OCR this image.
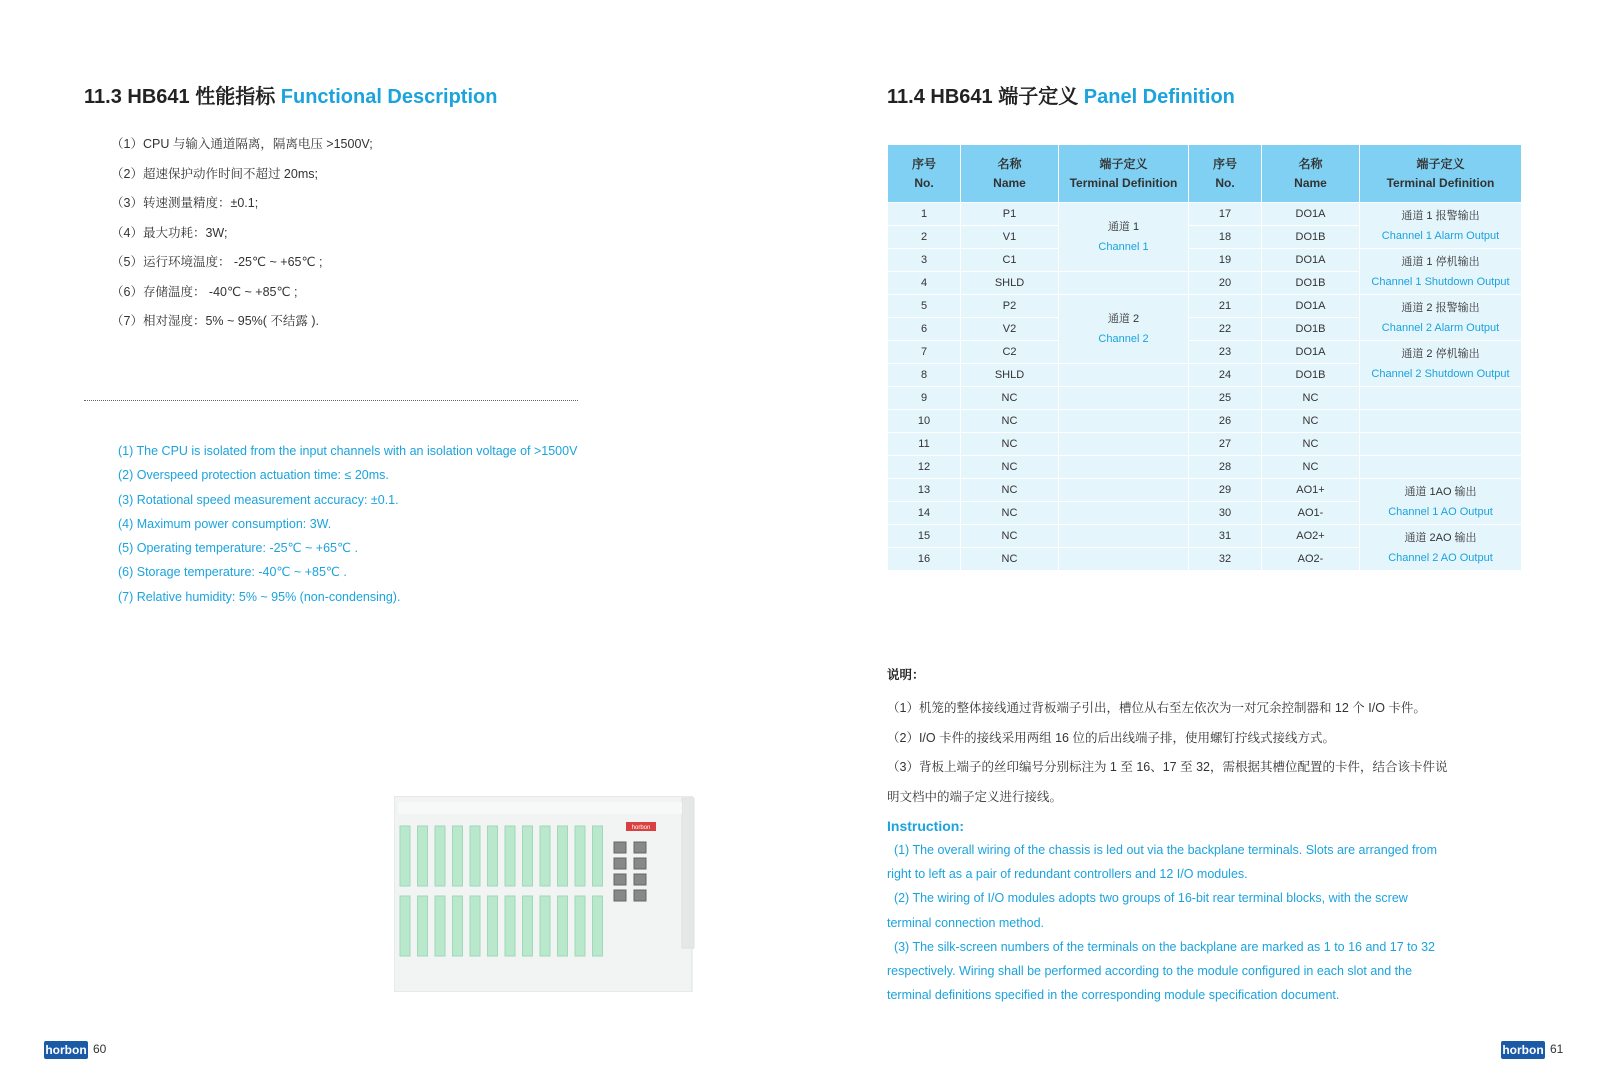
11.3 HB641 性能指标 Functional Description
（1）CPU 与输入通道隔离，隔离电压 >1500V;
（2）超速保护动作时间不超过 20ms;
（3）转速测量精度：±0.1;
（4）最大功耗：3W;
（5）运行环境温度： -25℃ ~ +65℃ ;
（6）存储温度： -40℃ ~ +85℃ ;
（7）相对湿度：5% ~ 95%( 不结露 ).
(1) The CPU is isolated from the input channels with an isolation voltage of >1500V
(2) Overspeed protection actuation time: ≤ 20ms.
(3) Rotational speed measurement accuracy: ±0.1.
(4) Maximum power consumption: 3W.
(5) Operating temperature: -25℃ ~ +65℃ .
(6) Storage temperature: -40℃ ~ +85℃ .
(7) Relative humidity: 5% ~ 95% (non-condensing).
horbon
11.4 HB641 端子定义 Panel Definition
序号
No.	名称
Name	端子定义
Terminal Definition	序号
No.	名称
Name	端子定义
Terminal Definition
1	P1	通道 1
Channel 1	17	DO1A	通道 1 报警输出
Channel 1 Alarm Output
2	V1		18	DO1B	
3	C1		19	DO1A	通道 1 停机输出
Channel 1 Shutdown Output
4	SHLD		20	DO1B	
5	P2	通道 2
Channel 2	21	DO1A	通道 2 报警输出
Channel 2 Alarm Output
6	V2		22	DO1B	
7	C2		23	DO1A	通道 2 停机输出
Channel 2 Shutdown Output
8	SHLD		24	DO1B	
9	NC		25	NC	
10	NC		26	NC	
11	NC		27	NC	
12	NC		28	NC	
13	NC		29	AO1+	通道 1AO 输出
Channel 1 AO Output
14	NC		30	AO1-	
15	NC		31	AO2+	通道 2AO 输出
Channel 2 AO Output
16	NC		32	AO2-	
说明：
（1）机笼的整体接线通过背板端子引出，槽位从右至左依次为一对冗余控制器和 12 个 I/O 卡件。
（2）I/O 卡件的接线采用两组 16 位的后出线端子排，使用螺钉拧线式接线方式。
（3）背板上端子的丝印编号分别标注为 1 至 16、17 至 32，需根据其槽位配置的卡件，结合该卡件说
明文档中的端子定义进行接线。
Instruction:
(1) The overall wiring of the chassis is led out via the backplane terminals. Slots are arranged from
right to left as a pair of redundant controllers and 12 I/O modules.
(2) The wiring of I/O modules adopts two groups of 16-bit rear terminal blocks, with the screw
terminal connection method.
(3) The silk-screen numbers of the terminals on the backplane are marked as 1 to 16 and 17 to 32
respectively. Wiring shall be performed according to the module configured in each slot and the
terminal definitions specified in the corresponding module specification document.
horbon 60	horbon 61
